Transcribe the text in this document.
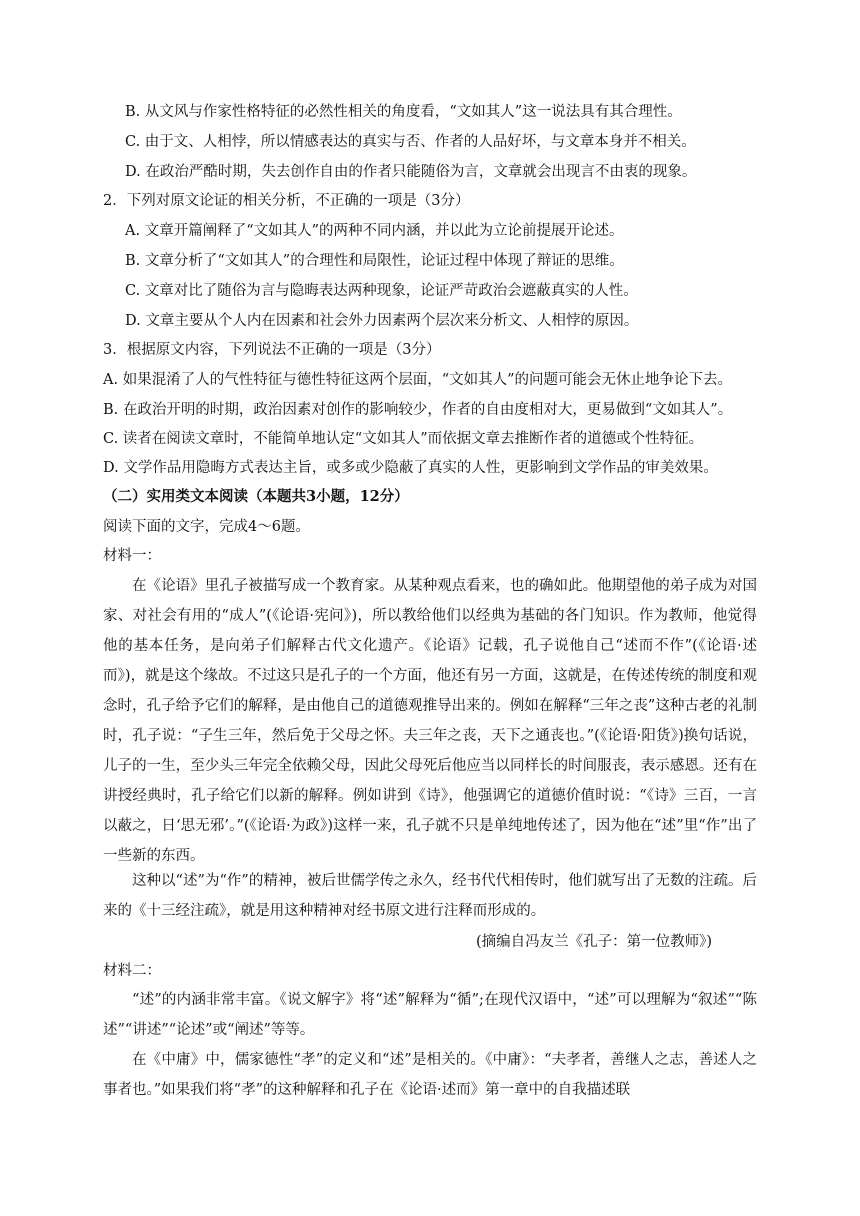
B. 从文风与作家性格特征的必然性相关的角度看，“文如其人”这一说法具有其合理性。
C. 由于文、人相悖，所以情感表达的真实与否、作者的人品好坏，与文章本身并不相关。
D. 在政治严酷时期，失去创作自由的作者只能随俗为言，文章就会出现言不由衷的现象。
2．下列对原文论证的相关分析，不正确的一项是（3分）
A. 文章开篇阐释了“文如其人”的两种不同内涵，并以此为立论前提展开论述。
B. 文章分析了“文如其人”的合理性和局限性，论证过程中体现了辩证的思维。
C. 文章对比了随俗为言与隐晦表达两种现象，论证严苛政治会遮蔽真实的人性。
D. 文章主要从个人内在因素和社会外力因素两个层次来分析文、人相悖的原因。
3．根据原文内容，下列说法不正确的一项是（3分）
A. 如果混淆了人的气性特征与德性特征这两个层面，“文如其人”的问题可能会无休止地争论下去。
B. 在政治开明的时期，政治因素对创作的影响较少，作者的自由度相对大，更易做到“文如其人”。
C. 读者在阅读文章时，不能简单地认定“文如其人”而依据文章去推断作者的道德或个性特征。
D. 文学作品用隐晦方式表达主旨，或多或少隐蔽了真实的人性，更影响到文学作品的审美效果。
（二）实用类文本阅读（本题共3小题，12分）
阅读下面的文字，完成4～6题。
材料一：
在《论语》里孔子被描写成一个教育家。从某种观点看来，也的确如此。他期望他的弟子成为对国家、对社会有用的“成人”(《论语·宪问》)，所以教给他们以经典为基础的各门知识。作为教师，他觉得他的基本任务，是向弟子们解释古代文化遗产。《论语》记载，孔子说他自己“述而不作”(《论语·述而》)，就是这个缘故。不过这只是孔子的一个方面，他还有另一方面，这就是，在传述传统的制度和观念时，孔子给予它们的解释，是由他自己的道德观推导出来的。例如在解释“三年之丧”这种古老的礼制时，孔子说：“子生三年，然后免于父母之怀。夫三年之丧，天下之通丧也。”(《论语·阳货》)换句话说，儿子的一生，至少头三年完全依赖父母，因此父母死后他应当以同样长的时间服丧，表示感恩。还有在讲授经典时，孔子给它们以新的解释。例如讲到《诗》，他强调它的道德价值时说：“《诗》三百，一言以蔽之，日‘思无邪’。”(《论语·为政》)这样一来，孔子就不只是单纯地传述了，因为他在“述”里“作”出了一些新的东西。
这种以“述”为“作”的精神，被后世儒学传之永久，经书代代相传时，他们就写出了无数的注疏。后来的《十三经注疏》，就是用这种精神对经书原文进行注释而形成的。
(摘编自冯友兰《孔子：第一位教师》)
材料二：
“述”的内涵非常丰富。《说文解字》将“述”解释为“循”;在现代汉语中，“述”可以理解为“叙述”“陈述”“讲述”“论述”或“阐述”等等。
在《中庸》中，儒家德性“孝”的定义和“述”是相关的。《中庸》：“夫孝者，善继人之志，善述人之事者也。”如果我们将“孝”的这种解释和孔子在《论语·述而》第一章中的自我描述联
